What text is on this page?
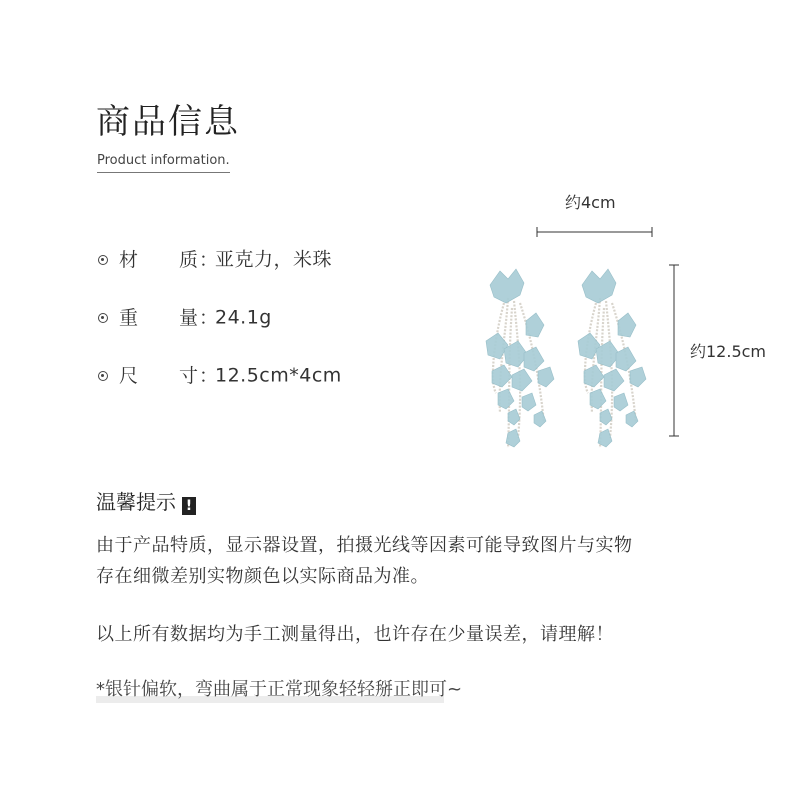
商品信息
Product information.
材　　质：亚克力，米珠
重　　量：24.1g
尺　　寸：12.5cm*4cm
约4cm
约12.5cm
温馨提示 !
由于产品特质，显示器设置，拍摄光线等因素可能导致图片与实物
存在细微差别实物颜色以实际商品为准。
以上所有数据均为手工测量得出，也许存在少量误差，请理解！
*银针偏软，弯曲属于正常现象轻轻掰正即可~
